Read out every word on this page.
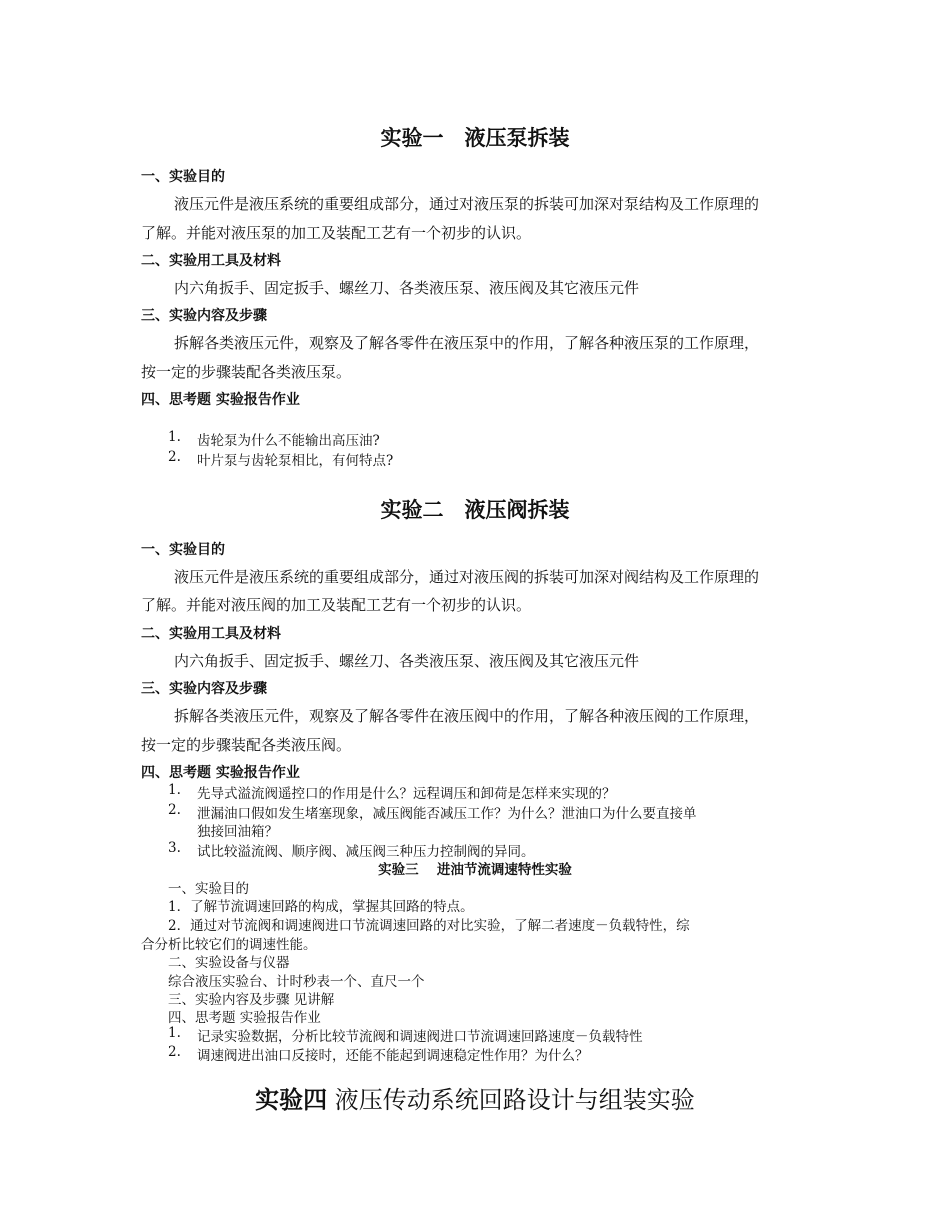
实验一　液压泵拆装
一、实验目的
液压元件是液压系统的重要组成部分，通过对液压泵的拆装可加深对泵结构及工作原理的
了解。并能对液压泵的加工及装配工艺有一个初步的认识。
二、实验用工具及材料
内六角扳手、固定扳手、螺丝刀、各类液压泵、液压阀及其它液压元件
三、实验内容及步骤
拆解各类液压元件，观察及了解各零件在液压泵中的作用，了解各种液压泵的工作原理，
按一定的步骤装配各类液压泵。
四、思考题 实验报告作业
1. 齿轮泵为什么不能输出高压油?
2. 叶片泵与齿轮泵相比，有何特点?
实验二　液压阀拆装
一、实验目的
液压元件是液压系统的重要组成部分，通过对液压阀的拆装可加深对阀结构及工作原理的
了解。并能对液压阀的加工及装配工艺有一个初步的认识。
二、实验用工具及材料
内六角扳手、固定扳手、螺丝刀、各类液压泵、液压阀及其它液压元件
三、实验内容及步骤
拆解各类液压元件，观察及了解各零件在液压阀中的作用，了解各种液压阀的工作原理，
按一定的步骤装配各类液压阀。
四、思考题 实验报告作业
1. 先导式溢流阀遥控口的作用是什么？远程调压和卸荷是怎样来实现的？
2. 泄漏油口假如发生堵塞现象，减压阀能否减压工作？为什么？泄油口为什么要直接单
独接回油箱？
3. 试比较溢流阀、顺序阀、减压阀三种压力控制阀的异同。
实验三　 进油节流调速特性实验
一、实验目的
1．了解节流调速回路的构成，掌握其回路的特点。
2．通过对节流阀和调速阀进口节流调速回路的对比实验，了解二者速度－负载特性，综
合分析比较它们的调速性能。
二、实验设备与仪器
综合液压实验台、计时秒表一个、直尺一个
三、实验内容及步骤 见讲解
四、思考题 实验报告作业
1. 记录实验数据，分析比较节流阀和调速阀进口节流调速回路速度－负载特性
2. 调速阀进出油口反接时，还能不能起到调速稳定性作用？为什么？
实验四 液压传动系统回路设计与组装实验
